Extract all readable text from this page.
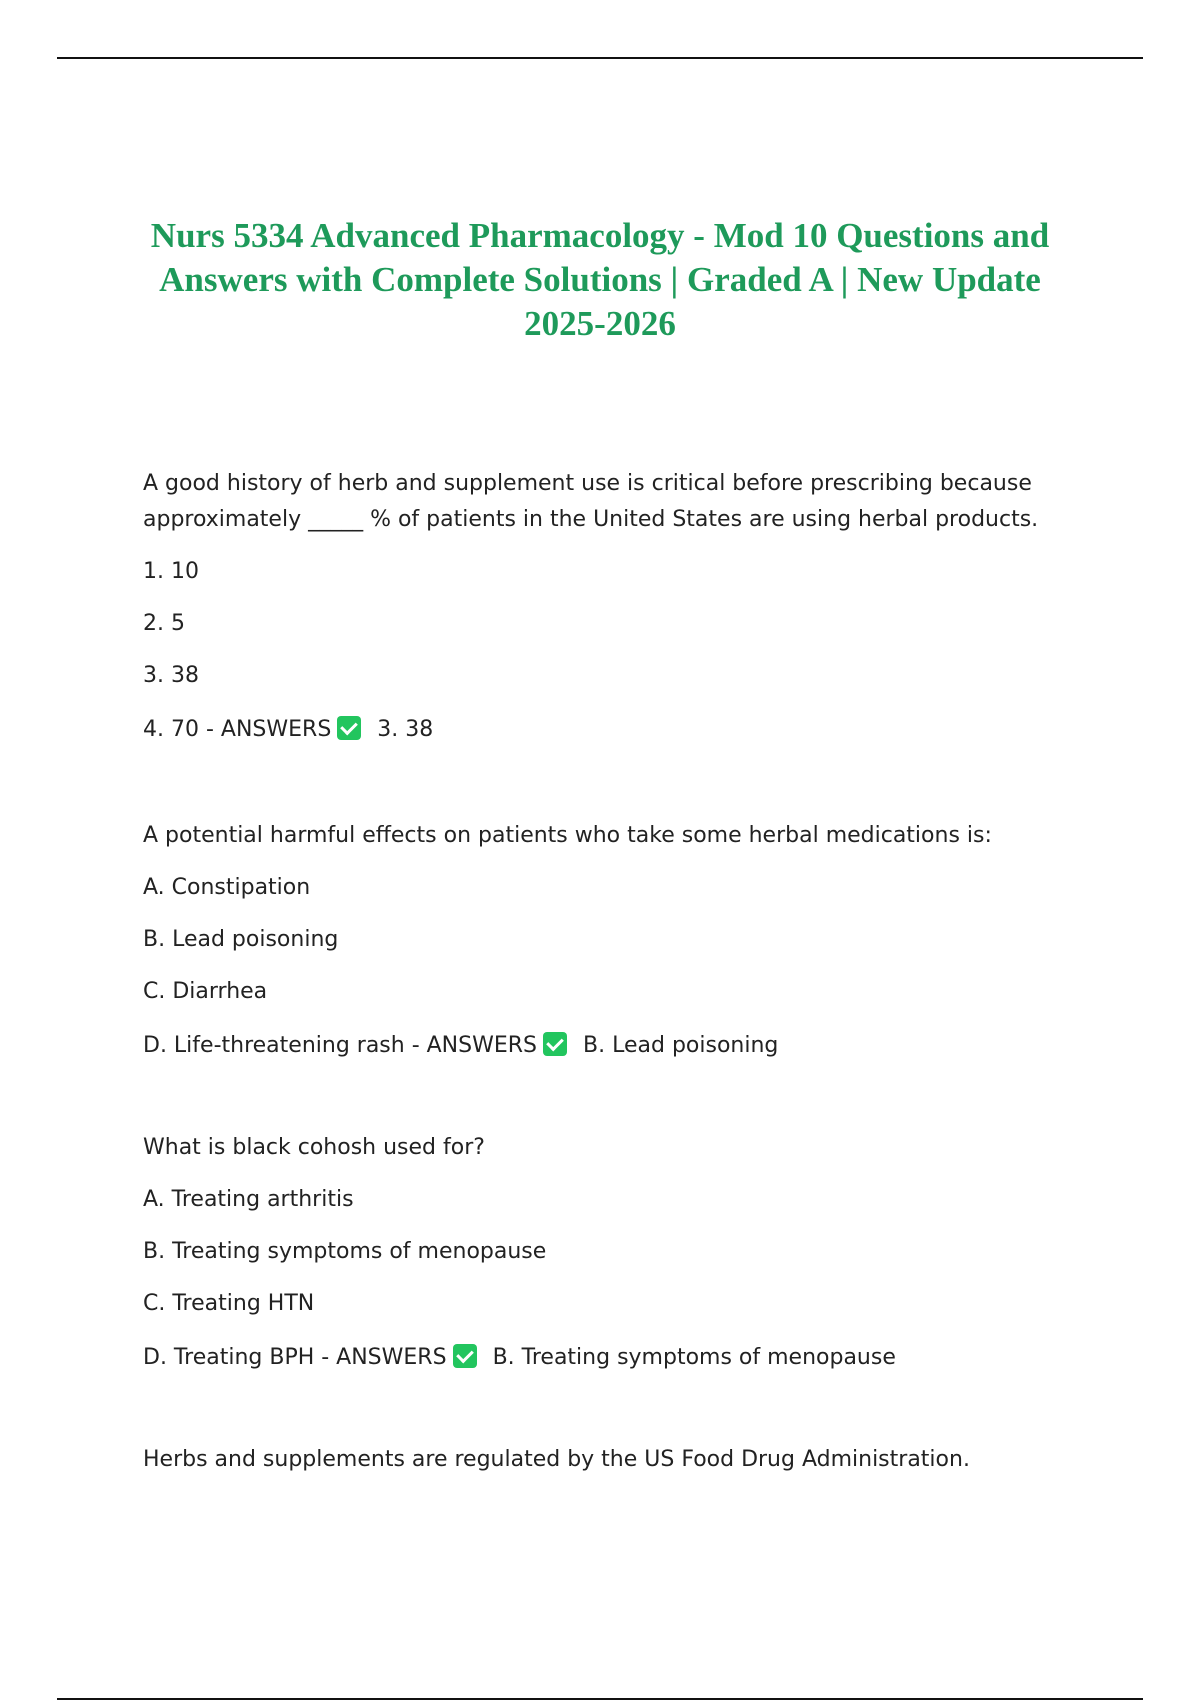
Nurs 5334 Advanced Pharmacology - Mod 10 Questions and
Answers with Complete Solutions | Graded A | New Update
2025-2026

A good history of herb and supplement use is critical before prescribing because
approximately _____ % of patients in the United States are using herbal products.

1. 10
2. 5
3. 38
4. 70 - ANSWERS 3. 38

A potential harmful effects on patients who take some herbal medications is:

A. Constipation
B. Lead poisoning
C. Diarrhea
D. Life-threatening rash - ANSWERS B. Lead poisoning

What is black cohosh used for?

A. Treating arthritis
B. Treating symptoms of menopause
C. Treating HTN
D. Treating BPH - ANSWERS B. Treating symptoms of menopause

Herbs and supplements are regulated by the US Food Drug Administration.
